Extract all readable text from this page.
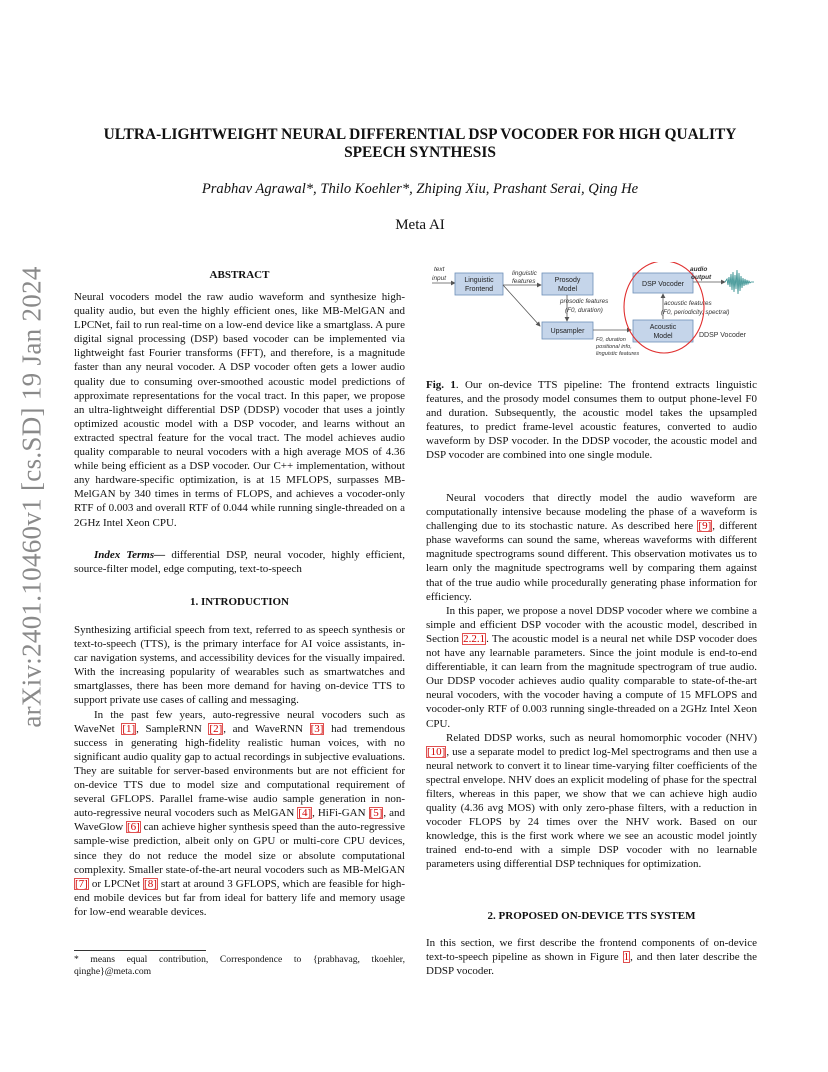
arXiv:2401.10460v1 [cs.SD] 19 Jan 2024
ULTRA-LIGHTWEIGHT NEURAL DIFFERENTIAL DSP VOCODER FOR HIGH QUALITY
SPEECH SYNTHESIS
Prabhav Agrawal*, Thilo Koehler*, Zhiping Xiu, Prashant Serai, Qing He
Meta AI
ABSTRACT

Neural vocoders model the raw audio waveform and synthesize high-quality audio, but even the highly efficient ones, like MB-MelGAN and LPCNet, fail to run real-time on a low-end device like a smartglass. A pure digital signal processing (DSP) based vocoder can be implemented via lightweight fast Fourier transforms (FFT), and therefore, is a magnitude faster than any neural vocoder. A DSP vocoder often gets a lower audio quality due to consuming over-smoothed acoustic model predictions of approximate representations for the vocal tract. In this paper, we propose an ultra-lightweight differential DSP (DDSP) vocoder that uses a jointly optimized acoustic model with a DSP vocoder, and learns without an extracted spectral feature for the vocal tract. The model achieves audio quality comparable to neural vocoders with a high average MOS of 4.36 while being efficient as a DSP vocoder. Our C++ implementation, without any hardware-specific optimization, is at 15 MFLOPS, surpasses MB-MelGAN by 340 times in terms of FLOPS, and achieves a vocoder-only RTF of 0.003 and overall RTF of 0.044 while running single-threaded on a 2GHz Intel Xeon CPU.

Index Terms— differential DSP, neural vocoder, highly efficient, source-filter model, edge computing, text-to-speech

1. INTRODUCTION

Synthesizing artificial speech from text, referred to as speech synthesis or text-to-speech (TTS), is the primary interface for AI voice assistants, in-car navigation systems, and accessibility devices for the visually impaired. With the increasing popularity of wearables such as smartwatches and smartglasses, there has been more demand for having on-device TTS to support private use cases of calling and messaging.

In the past few years, auto-regressive neural vocoders such as WaveNet [1], SampleRNN [2], and WaveRNN [3] had tremendous success in generating high-fidelity realistic human voices, with no significant audio quality gap to actual recordings in subjective evaluations. They are suitable for server-based environments but are not efficient for on-device TTS due to model size and computational requirement of several GFLOPS. Parallel frame-wise audio sample generation in non-auto-regressive neural vocoders such as MelGAN [4], HiFi-GAN [5], and WaveGlow [6] can achieve higher synthesis speed than the auto-regressive sample-wise prediction, albeit only on GPU or multi-core CPU devices, since they do not reduce the model size or absolute computational complexity. Smaller state-of-the-art neural vocoders such as MB-MelGAN [7] or LPCNet [8] start at around 3 GFLOPS, which are feasible for high-end mobile devices but far from ideal for battery life and memory usage for low-end wearable devices.

* means equal contribution, Correspondence to {prabhavag, tkoehler, qinghe}@meta.com
text
input	Linguistic
Frontend
linguistic
features	Prosody
Model
prosodic features
(F0, duration)
Upsampler
F0, duration
positional info,
linguistic features
DSP Vocoder
Acoustic
Model
acoustic features
(F0, periodicity, spectral)
DDSP Vocoder
audio
output

Fig. 1. Our on-device TTS pipeline: The frontend extracts linguistic features, and the prosody model consumes them to output phone-level F0 and duration. Subsequently, the acoustic model takes the upsampled features, to predict frame-level acoustic features, converted to audio waveform by DSP vocoder. In the DDSP vocoder, the acoustic model and DSP vocoder are combined into one single module.

Neural vocoders that directly model the audio waveform are computationally intensive because modeling the phase of a waveform is challenging due to its stochastic nature. As described here [9], different phase waveforms can sound the same, whereas waveforms with different magnitude spectrograms sound different. This observation motivates us to learn only the magnitude spectrograms well by comparing them against that of the true audio while procedurally generating phase information for efficiency.

In this paper, we propose a novel DDSP vocoder where we combine a simple and efficient DSP vocoder with the acoustic model, described in Section 2.2.1. The acoustic model is a neural net while DSP vocoder does not have any learnable parameters. Since the joint module is end-to-end differentiable, it can learn from the magnitude spectrogram of true audio. Our DDSP vocoder achieves audio quality comparable to state-of-the-art neural vocoders, with the vocoder having a compute of 15 MFLOPS and vocoder-only RTF of 0.003 running single-threaded on a 2GHz Intel Xeon CPU.

Related DDSP works, such as neural homomorphic vocoder (NHV) [10], use a separate model to predict log-Mel spectrograms and then use a neural network to convert it to linear time-varying filter coefficients of the spectral envelope. NHV does an explicit modeling of phase for the spectral filters, whereas in this paper, we show that we can achieve high audio quality (4.36 avg MOS) with only zero-phase filters, with a reduction in vocoder FLOPS by 24 times over the NHV work. Based on our knowledge, this is the first work where we see an acoustic model jointly trained end-to-end with a simple DSP vocoder with no learnable parameters using differential DSP techniques for optimization.

2. PROPOSED ON-DEVICE TTS SYSTEM

In this section, we first describe the frontend components of on-device text-to-speech pipeline as shown in Figure 1, and then later describe the DDSP vocoder.
